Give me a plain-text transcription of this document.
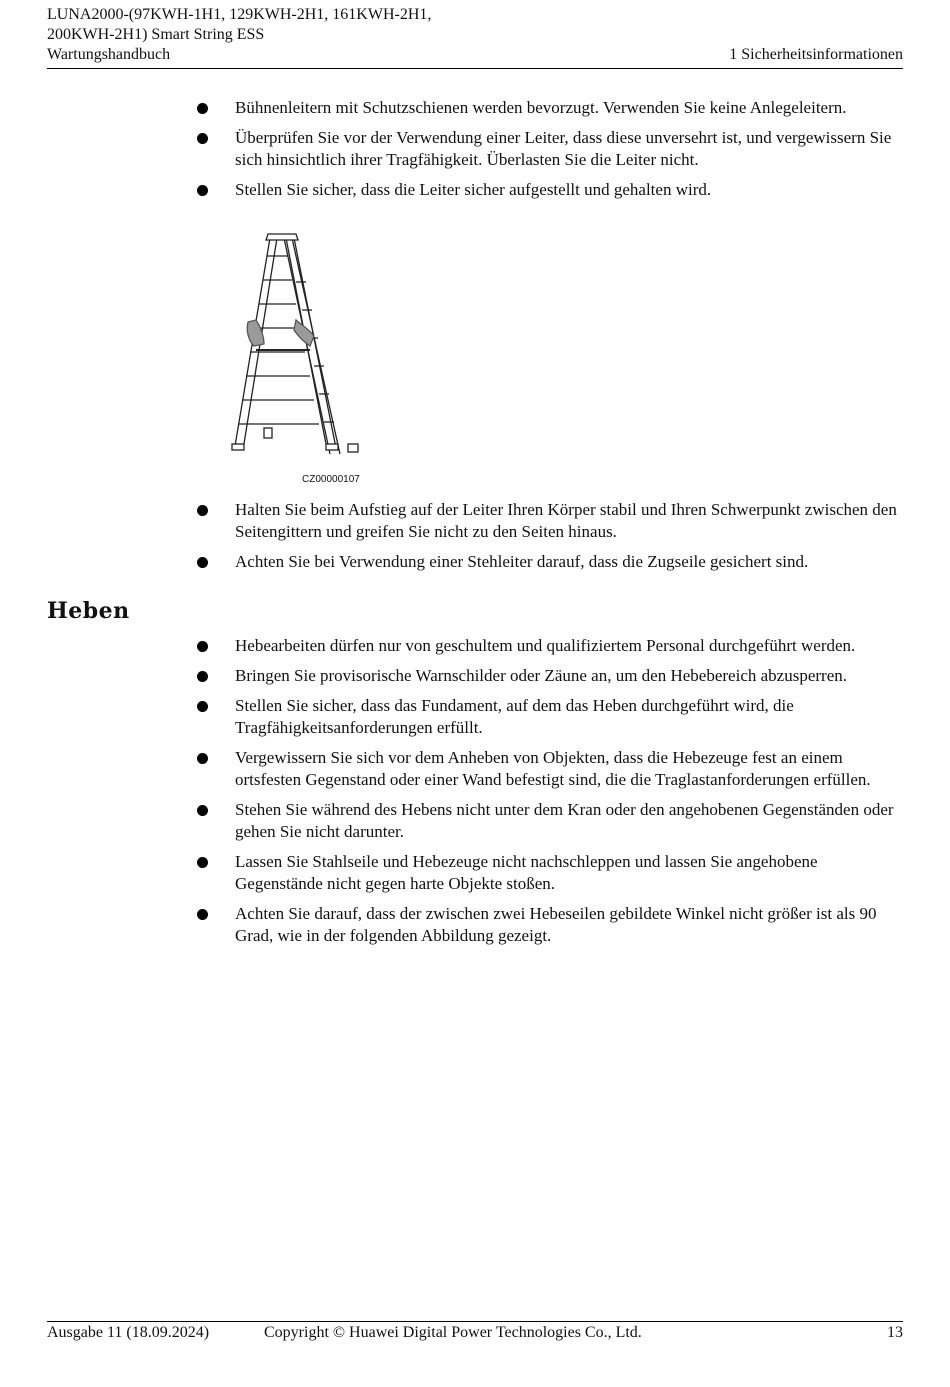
LUNA2000-(97KWH-1H1, 129KWH-2H1, 161KWH-2H1,
200KWH-2H1) Smart String ESS
Wartungshandbuch	1 Sicherheitsinformationen
Bühnenleitern mit Schutzschienen werden bevorzugt. Verwenden Sie keine Anlegeleitern.
Überprüfen Sie vor der Verwendung einer Leiter, dass diese unversehrt ist, und vergewissern Sie sich hinsichtlich ihrer Tragfähigkeit. Überlasten Sie die Leiter nicht.
Stellen Sie sicher, dass die Leiter sicher aufgestellt und gehalten wird.
CZ00000107
Halten Sie beim Aufstieg auf der Leiter Ihren Körper stabil und Ihren Schwerpunkt zwischen den Seitengittern und greifen Sie nicht zu den Seiten hinaus.
Achten Sie bei Verwendung einer Stehleiter darauf, dass die Zugseile gesichert sind.
Heben
Hebearbeiten dürfen nur von geschultem und qualifiziertem Personal durchgeführt werden.
Bringen Sie provisorische Warnschilder oder Zäune an, um den Hebebereich abzusperren.
Stellen Sie sicher, dass das Fundament, auf dem das Heben durchgeführt wird, die Tragfähigkeitsanforderungen erfüllt.
Vergewissern Sie sich vor dem Anheben von Objekten, dass die Hebezeuge fest an einem ortsfesten Gegenstand oder einer Wand befestigt sind, die die Traglastanforderungen erfüllen.
Stehen Sie während des Hebens nicht unter dem Kran oder den angehobenen Gegenständen oder gehen Sie nicht darunter.
Lassen Sie Stahlseile und Hebezeuge nicht nachschleppen und lassen Sie angehobene Gegenstände nicht gegen harte Objekte stoßen.
Achten Sie darauf, dass der zwischen zwei Hebeseilen gebildete Winkel nicht größer ist als 90 Grad, wie in der folgenden Abbildung gezeigt.
Ausgabe 11 (18.09.2024)	Copyright © Huawei Digital Power Technologies Co., Ltd.	13
